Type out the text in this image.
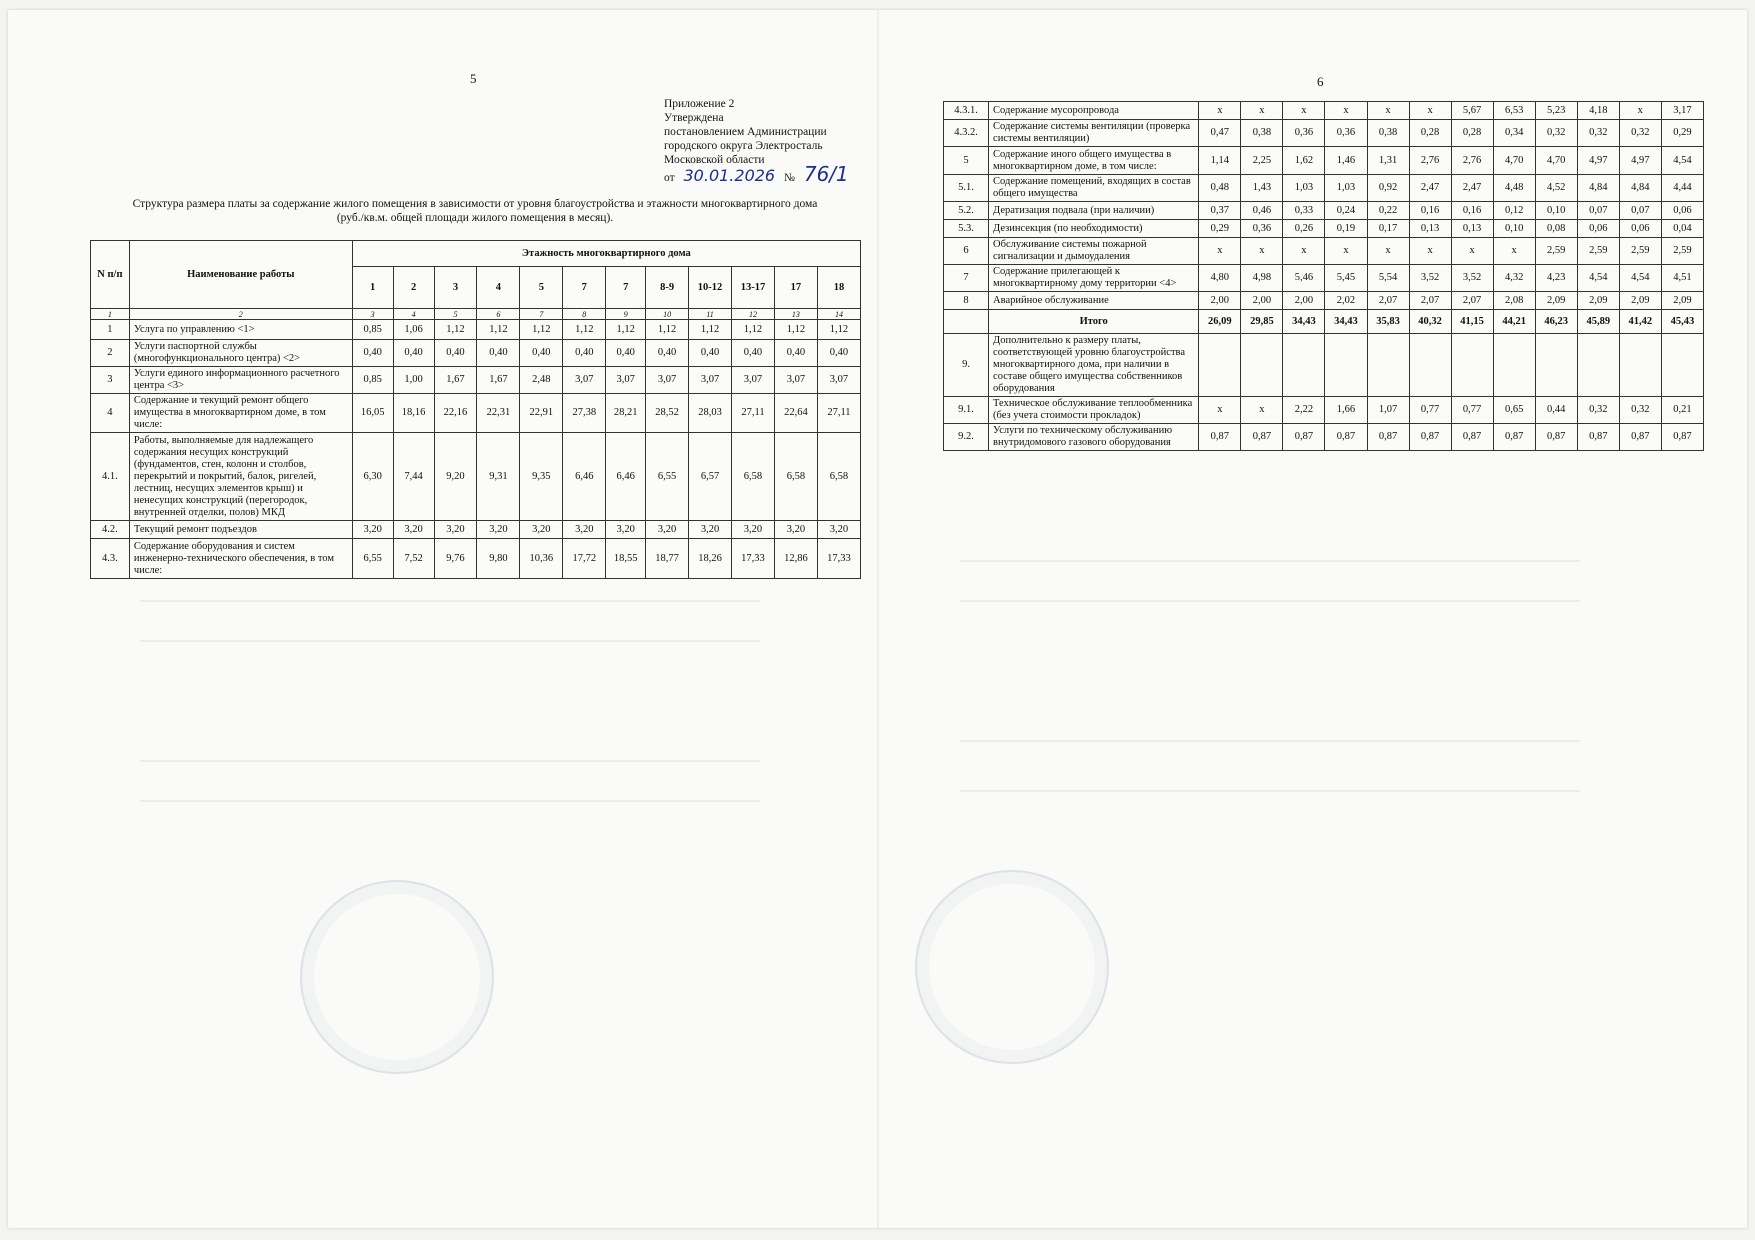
5	6
Приложение 2
Утверждена
постановлением Администрации
городского округа Электросталь
Московской области
от 30.01.2026 № 76/1
Структура размера платы за содержание жилого помещения в зависимости от уровня благоустройства и этажности многоквартирного дома
(руб./кв.м. общей площади жилого помещения в месяц).
N п/п	Наименование работы	Этажность многоквартирного дома											
		1	2	3	4	5	7	7	8-9	10-12	13-17	17	18
1	2	3	4	5	6	7	8	9	10	11	12	13	14
1	Услуга по управлению <1>	0,85	1,06	1,12	1,12	1,12	1,12	1,12	1,12	1,12	1,12	1,12	1,12
2	Услуги паспортной службы (многофункционального центра) <2>	0,40	0,40	0,40	0,40	0,40	0,40	0,40	0,40	0,40	0,40	0,40	0,40
3	Услуги единого информационного расчетного центра <3>	0,85	1,00	1,67	1,67	2,48	3,07	3,07	3,07	3,07	3,07	3,07	3,07
4	Содержание и текущий ремонт общего имущества в многоквартирном доме, в том числе:	16,05	18,16	22,16	22,31	22,91	27,38	28,21	28,52	28,03	27,11	22,64	27,11
4.1.	Работы, выполняемые для надлежащего содержания несущих конструкций (фундаментов, стен, колонн и столбов, перекрытий и покрытий, балок, ригелей, лестниц, несущих элементов крыш) и ненесущих конструкций (перегородок, внутренней отделки, полов) МКД	6,30	7,44	9,20	9,31	9,35	6,46	6,46	6,55	6,57	6,58	6,58	6,58
4.2.	Текущий ремонт подъездов	3,20	3,20	3,20	3,20	3,20	3,20	3,20	3,20	3,20	3,20	3,20	3,20
4.3.	Содержание оборудования и систем инженерно-технического обеспечения, в том числе:	6,55	7,52	9,76	9,80	10,36	17,72	18,55	18,77	18,26	17,33	12,86	17,33
4.3.1.	Содержание мусоропровода	х	х	х	х	х	х	5,67	6,53	5,23	4,18	х	3,17
4.3.2.	Содержание системы вентиляции (проверка системы вентиляции)	0,47	0,38	0,36	0,36	0,38	0,28	0,28	0,34	0,32	0,32	0,32	0,29
5	Содержание иного общего имущества в многоквартирном доме, в том числе:	1,14	2,25	1,62	1,46	1,31	2,76	2,76	4,70	4,70	4,97	4,97	4,54
5.1.	Содержание помещений, входящих в состав общего имущества	0,48	1,43	1,03	1,03	0,92	2,47	2,47	4,48	4,52	4,84	4,84	4,44
5.2.	Дератизация подвала (при наличии)	0,37	0,46	0,33	0,24	0,22	0,16	0,16	0,12	0,10	0,07	0,07	0,06
5.3.	Дезинсекция (по необходимости)	0,29	0,36	0,26	0,19	0,17	0,13	0,13	0,10	0,08	0,06	0,06	0,04
6	Обслуживание системы пожарной сигнализации и дымоудаления	х	х	х	х	х	х	х	х	2,59	2,59	2,59	2,59
7	Содержание прилегающей к многоквартирному дому территории <4>	4,80	4,98	5,46	5,45	5,54	3,52	3,52	4,32	4,23	4,54	4,54	4,51
8	Аварийное обслуживание	2,00	2,00	2,00	2,02	2,07	2,07	2,07	2,08	2,09	2,09	2,09	2,09
	Итого	26,09	29,85	34,43	34,43	35,83	40,32	41,15	44,21	46,23	45,89	41,42	45,43
9.	Дополнительно к размеру платы, соответствующей уровню благоустройства многоквартирного дома, при наличии в составе общего имущества собственников оборудования												
9.1.	Техническое обслуживание теплообменника (без учета стоимости прокладок)	х	х	2,22	1,66	1,07	0,77	0,77	0,65	0,44	0,32	0,32	0,21
9.2.	Услуги по техническому обслуживанию внутридомового газового оборудования	0,87	0,87	0,87	0,87	0,87	0,87	0,87	0,87	0,87	0,87	0,87	0,87
